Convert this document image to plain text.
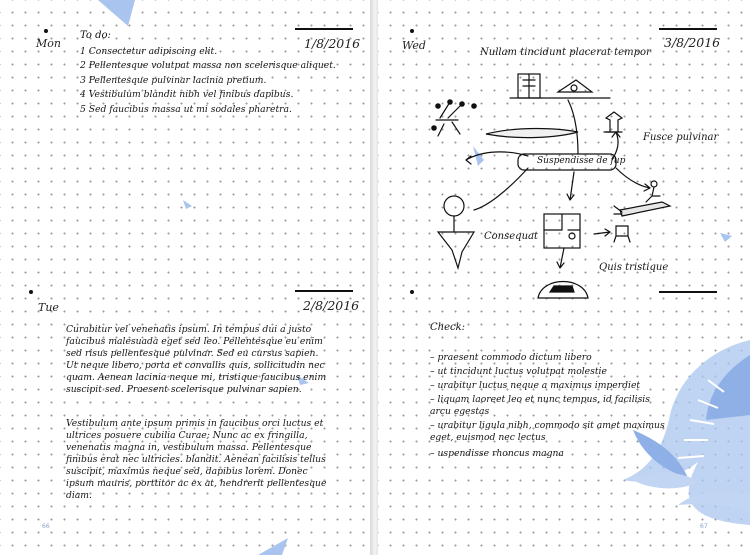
Mon
To do:
1/8/2016
1 Consectetur adipiscing elit.
2 Pellentesque volutpat massa non scelerisque aliquet.
3 Pellentesque pulvinar lacinia pretium.
4 Vestibulum blandit nibh vel finibus dapibus.
5 Sed faucibus massa ut mi sodales pharetra.
Tue	2/8/2016
Curabitur vel venenatis ipsum. In tempus dui a justo
faucibus malesuada eget sed leo. Pellentesque eu enim
sed risus pellentesque pulvinar. Sed eu cursus sapien.
Ut neque libero, porta et convallis quis, sollicitudin nec
quam. Aenean lacinia neque mi, tristique faucibus enim
suscipit sed. Praesent scelerisque pulvinar sapien.
Vestibulum ante ipsum primis in faucibus orci luctus et
ultrices posuere cubilia Curae; Nunc ac ex fringilla,
venenatis magna in, vestibulum massa. Pellentesque
finibus erat nec ultricies. blandit. Aenean facilisis tellus
suscipit, maximus neque sed, dapibus lorem. Donec
ipsum mauris, porttitor ac ex at, hendrerit pellentesque
diam.
66
Wed	3/8/2016
Nullam tincidunt placerat tempor
Suspendisse de fup
Fusce pulvinar
Consequat
Quis tristique
Check:
– praesent commodo dictum libero
– ut tincidunt luctus volutpat molestie
– urabitur luctus neque a maximus imperdiet
– liquam laoreet leo et nunc tempus, id facilisis
arcu egestas
– urabitur ligula nibh, commodo sit amet maximus
eget, euismod nec lectus
– uspendisse rhoncus magna
67
